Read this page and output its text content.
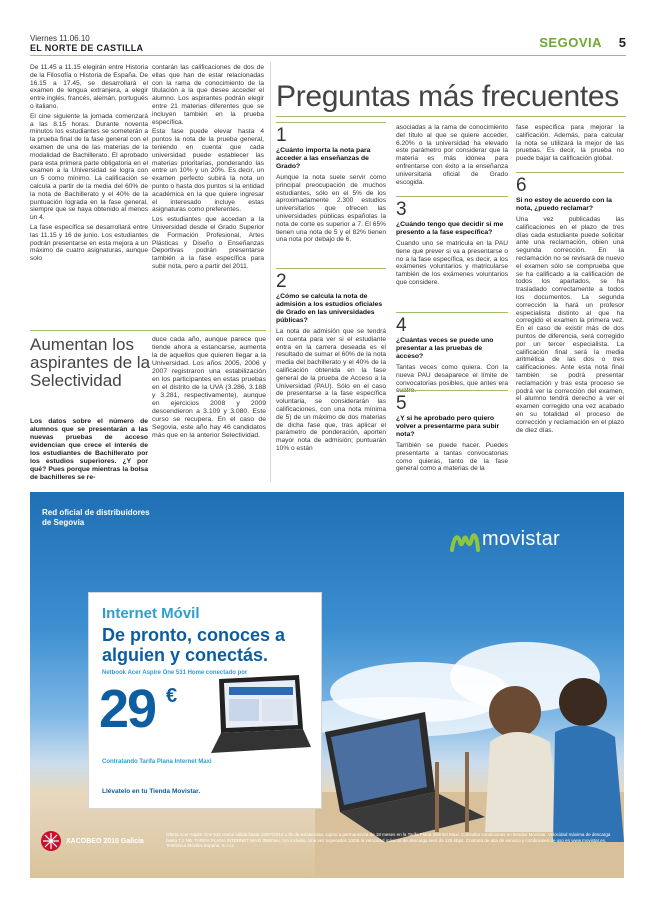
Viernes 11.06.10
EL NORTE DE CASTILLA	SEGOVIA 5

De 11.45 a 11.15 elegirán entre Historia de la Filosofía o Historia de España. De 16.15 a 17.45, se desarrollará el examen de lengua extranjera, a elegir entre inglés, francés, alemán, portugués o italiano.

El cine siguiente la jornada comenzará a las 8.15 horas. Durante noventa minutos los estudiantes se someterán a la prueba final de la fase general con el examen de una de las materias de la modalidad de Bachillerato. El aprobado para esta primera parte obligatoria en el examen a la Universidad se logra con un 5 como mínimo. La calificación se calcula a partir de la media del 60% de la nota de Bachillerato y el 40% de la puntuación lograda en la fase general, siempre que se haya obtenido al menos un 4.

La fase específica se desarrollará entre las 11.15 y 16 de junio. Los estudiantes podrán presentarse en esta mejora a un máximo de cuatro asignaturas, aunque solo

contarán las calificaciones de dos de ellas que han de estar relacionadas con la rama de conocimiento de la titulación a la que desee acceder el alumno. Los aspirantes podrán elegir entre 21 materias diferentes que se incluyen también en la prueba específica.

Esta fase puede elevar hasta 4 puntos la nota de la prueba general, teniendo en cuenta que cada universidad puede establecer las materias prioritarias, ponderando las entre un 10% y un 20%. Es decir, un examen perfecto subirá la nota un punto o hasta dos puntos si la entidad académica en la que quiere ingresar el interesado incluye estas asignaturas como preferentes.

Los estudiantes que accedan a la Universidad desde el Grado Superior de Formación Profesional, Artes Plásticas y Diseño o Enseñanzas Deportivas podrán presentarse también a la fase específica para subir nota, pero a partir del 2011.

Aumentan los aspirantes de la Selectividad
Los datos sobre el número de alumnos que se presentarán a las nuevas pruebas de acceso evidencian que crece el interés de los estudiantes de Bachillerato por los estudios superiores. ¿Y por qué? Pues porque mientras la bolsa de bachilleres se re-
duce cada año, aunque parece que tiende ahora a estancarse, aumenta la de aquellos que quieren llegar a la Universidad. Los años 2005, 2006 y 2007 registraron una estabilización en los participantes en estas pruebas en el distrito de la UVA (3.286, 3.188 y 3.281, respectivamente), aunque en ejercicios 2008 y 2009 descendieron a 3.109 y 3.080. Este curso se recupera. En el caso de Segovia, este año hay 46 candidatos más que en la anterior Selectividad.
Preguntas más frecuentes
1
¿Cuánto importa la nota para acceder a las enseñanzas de Grado?
Aunque la nota suele servir como principal preocupación de muchos estudiantes, sólo en el 5% de los aproximadamente 2.300 estudios universitarios que ofrecen las universidades públicas españolas la nota de corte es superior a 7. El 65% tienen una nota de 5 y el 82% tienen una nota por debajo de 6.
2
¿Cómo se calcula la nota de admisión a los estudios oficiales de Grado en las universidades públicas?
La nota de admisión que se tendrá en cuenta para ver si el estudiante entra en la carrera deseada es el resultado de sumar el 60% de la nota media del bachillerato y el 40% de la calificación obtenida en la fase general de la prueba de Acceso a la Universidad (PAU). Sólo en el caso de presentarse a la fase específica voluntaria, se considerarán las calificaciones, con una nota mínima de 5) de un máximo de dos materias de dicha fase que, tras aplicar el parámetro de ponderación, aporten mayor nota de admisión; puntuarán 10% o están
asociadas a la rama de conocimiento del título al que se quiere acceder, 6.20% o la universidad ha elevado este parámetro por considerar que la materia es más idónea para enfrentarse con éxito a la enseñanza universitaria oficial de Grado escogida.
3
¿Cuándo tengo que decidir si me presento a la fase específica?
Cuando uno se matricula en la PAU tiene que prever si va a presentarse o no a la fase específica, es decir, a los exámenes voluntarios y matricularse también de los exámenes voluntarios que considere.
4
¿Cuántas veces se puede uno presentar a las pruebas de acceso?
Tantas veces como quiera. Con la nueva PAU desaparece el límite de convocatorias posibles, que antes era
5
¿Y si he aprobado pero quiero volver a presentarme para subir nota?
También se puede hacer. Puedes presentarte a tantas convocatorias como quieras, tanto de la fase general como a materias de la
fase específica para mejorar la calificación. Además, para calcular la nota se utilizará la mejor de las pruebas. Es decir, la prueba no puede bajar la calificación global.
6
Si no estoy de acuerdo con la nota, ¿puedo reclamar?
Una vez publicadas las calificaciones en el plazo de tres días cada estudiante puede solicitar ante una reclamación, obien una segunda corrección. En la reclamación no se revisará de nuevo el examen sólo se comprueba que se ha calificado a la calificación de todos los apartados, se ha trasladado correctamente a todos los documentos. La segunda corrección la hará un profesor especialista distinto al que ha corregido el examen la primera vez. En el caso de existir más de dos puntos de diferencia, será corregido por un tercer especialista. La calificación final será la media aritmética de las dos o tres calificaciones. Ante esta nota final también se podrá presentar reclamación y tras esta proceso se podrá ver la corrección del examen, el alumno tendrá derecho a ver el examen corregido una vez acabado en su totalidad el proceso de corrección y reclamación en el plazo de diez días.
Red oficial de distribuidores de Segovia
movistar
Internet Móvil
De pronto, conoces a alguien y conectás.
Netbook Acer Aspire One 531 Home conectado por
29 €
Contratando Tarifa Plana Internet Maxi
Llévatelo en tu Tienda Movistar.
XACOBEO 2010 Galicia
Oferta Acer Aspire One 531 Home válida hasta 19/07/2010 o fin de existencias, sujeto a permanencia de 18 meses en la Tarifa Plana Internet Maxi. Consultar condiciones en tiendas Movistar. Velocidad máxima de descarga hasta 7,2 Mb. TARIFA PLANA INTERNET MAXI 39€/mes. IVA incluido. Una vez superados 10GB la velocidad máxima de descarga será de 128 kbps. Contrato de alta de servicio y condiciones de uso en www.movistar.es. Telefónica Móviles España, S.A.U.
